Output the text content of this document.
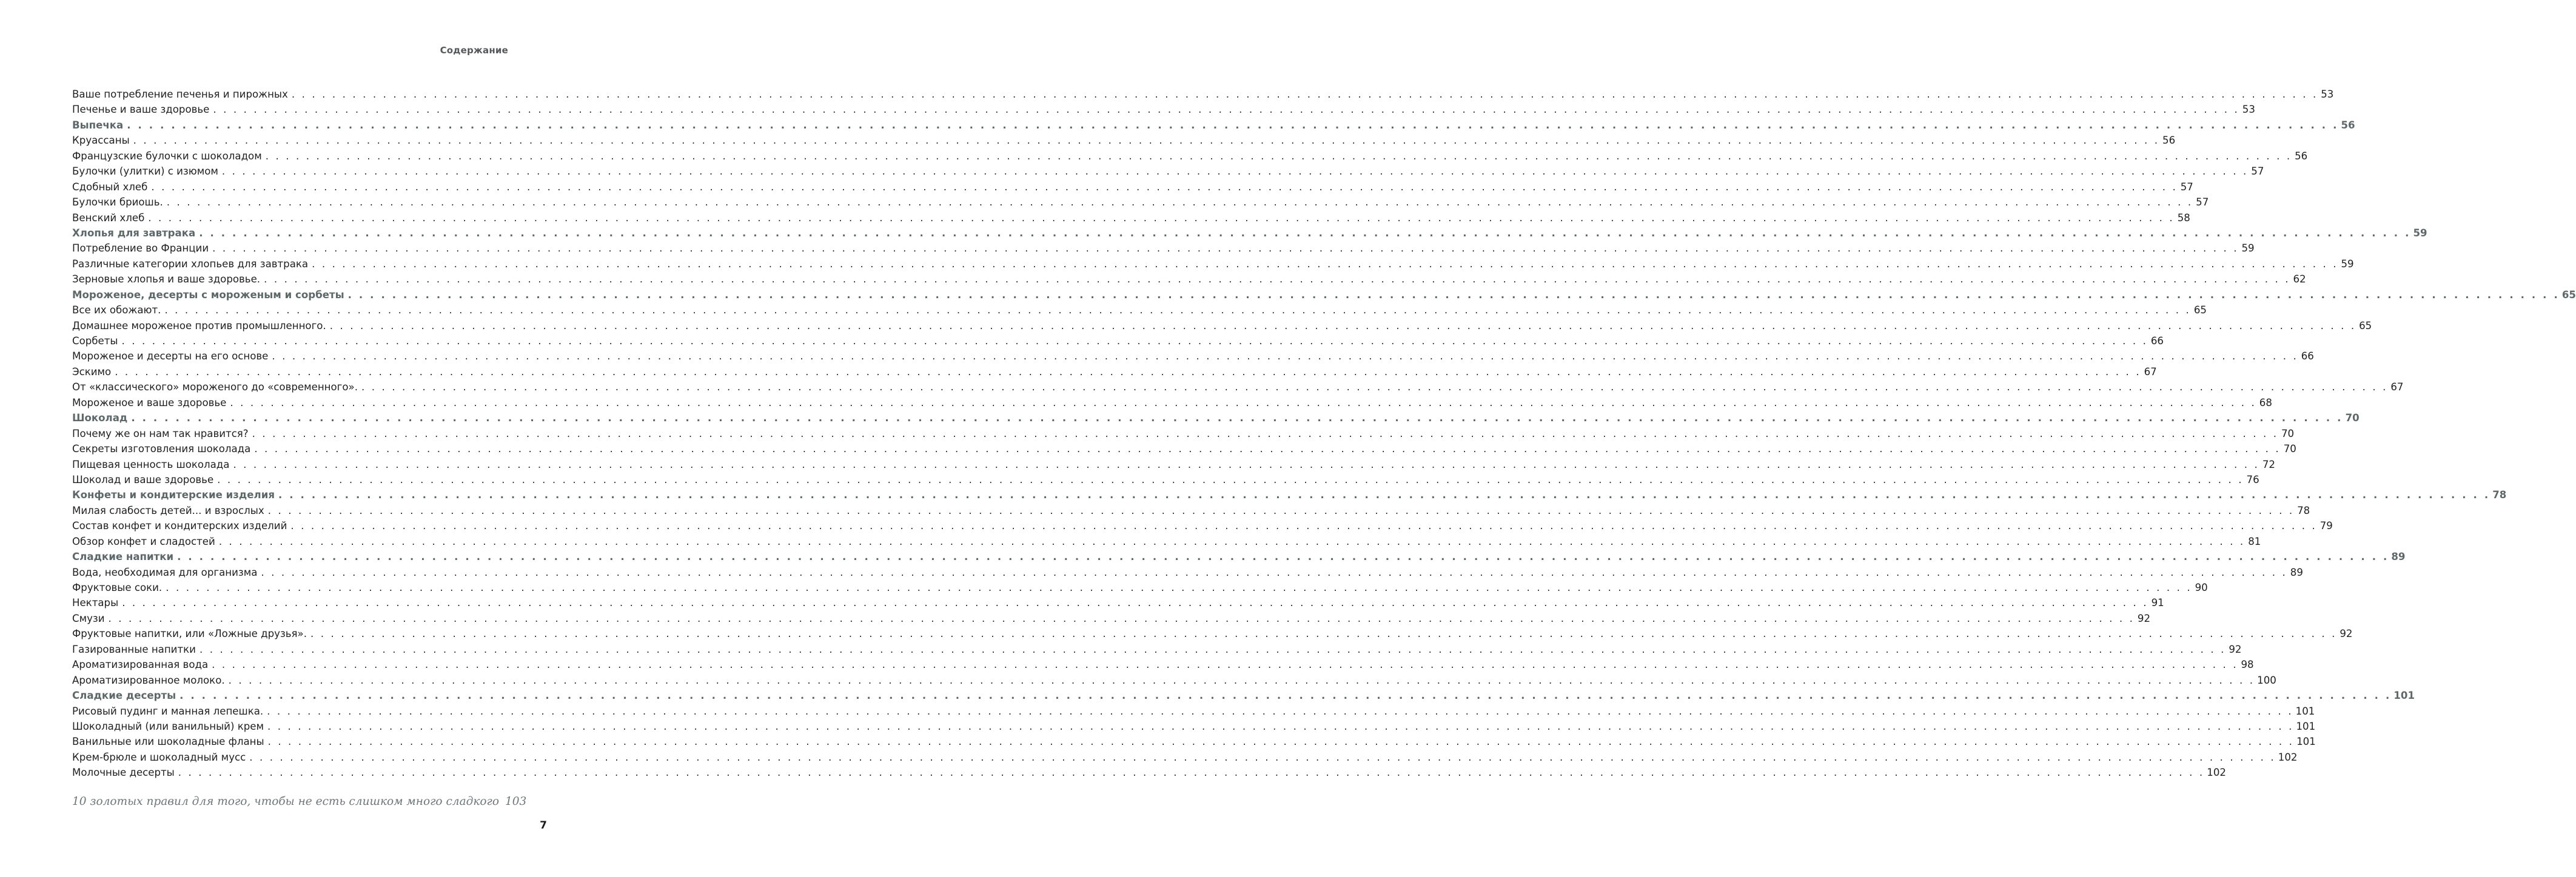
Содержание
Ваше потребление печенья и пирожных . . . . . . . . . . . . . . . . . . . . . . . . . . . . . . . . . . . . . . . . . . . . . . . . . . . . . . . . . . . . . . . . . . . . . . . . . . . . . . . . . . . . . . . . . . . . . . . . . . . . . . . . . . . . . . . . . . . . . . . . . . . . . . . . . . . . . . . . . . . . . . . . . . . . . . . . . . . . . . . . . . . . . . . . . . . . . . . . . . . . . . . . . . . . . . . . . . . . . . . . 53
Печенье и ваше здоровье . . . . . . . . . . . . . . . . . . . . . . . . . . . . . . . . . . . . . . . . . . . . . . . . . . . . . . . . . . . . . . . . . . . . . . . . . . . . . . . . . . . . . . . . . . . . . . . . . . . . . . . . . . . . . . . . . . . . . . . . . . . . . . . . . . . . . . . . . . . . . . . . . . . . . . . . . . . . . . . . . . . . . . . . . . . . . . . . . . . . . . . . . . . . . . . . . . . . . . . . 53
Выпечка . . . . . . . . . . . . . . . . . . . . . . . . . . . . . . . . . . . . . . . . . . . . . . . . . . . . . . . . . . . . . . . . . . . . . . . . . . . . . . . . . . . . . . . . . . . . . . . . . . . . . . . . . . . . . . . . . . . . . . . . . . . . . . . . . . . . . . . . . . . . . . . . . . . . . . . . . . . . . . . . . . . . . . . . . . . . . . . . . . . . . . . . . . . . . . . . . . . . . . . . 56
Круассаны . . . . . . . . . . . . . . . . . . . . . . . . . . . . . . . . . . . . . . . . . . . . . . . . . . . . . . . . . . . . . . . . . . . . . . . . . . . . . . . . . . . . . . . . . . . . . . . . . . . . . . . . . . . . . . . . . . . . . . . . . . . . . . . . . . . . . . . . . . . . . . . . . . . . . . . . . . . . . . . . . . . . . . . . . . . . . . . . . . . . . . . . . . . . . . . . . . . . . . . . 56
Французские булочки с шоколадом . . . . . . . . . . . . . . . . . . . . . . . . . . . . . . . . . . . . . . . . . . . . . . . . . . . . . . . . . . . . . . . . . . . . . . . . . . . . . . . . . . . . . . . . . . . . . . . . . . . . . . . . . . . . . . . . . . . . . . . . . . . . . . . . . . . . . . . . . . . . . . . . . . . . . . . . . . . . . . . . . . . . . . . . . . . . . . . . . . . . . . . . . . . . . . . . . . . . . . . . 56
Булочки (улитки) с изюмом . . . . . . . . . . . . . . . . . . . . . . . . . . . . . . . . . . . . . . . . . . . . . . . . . . . . . . . . . . . . . . . . . . . . . . . . . . . . . . . . . . . . . . . . . . . . . . . . . . . . . . . . . . . . . . . . . . . . . . . . . . . . . . . . . . . . . . . . . . . . . . . . . . . . . . . . . . . . . . . . . . . . . . . . . . . . . . . . . . . . . . . . . . . . . . . . . . . . . . . . 57
Сдобный хлеб . . . . . . . . . . . . . . . . . . . . . . . . . . . . . . . . . . . . . . . . . . . . . . . . . . . . . . . . . . . . . . . . . . . . . . . . . . . . . . . . . . . . . . . . . . . . . . . . . . . . . . . . . . . . . . . . . . . . . . . . . . . . . . . . . . . . . . . . . . . . . . . . . . . . . . . . . . . . . . . . . . . . . . . . . . . . . . . . . . . . . . . . . . . . . . . . . . . . . . . . 57
Булочки бриошь. . . . . . . . . . . . . . . . . . . . . . . . . . . . . . . . . . . . . . . . . . . . . . . . . . . . . . . . . . . . . . . . . . . . . . . . . . . . . . . . . . . . . . . . . . . . . . . . . . . . . . . . . . . . . . . . . . . . . . . . . . . . . . . . . . . . . . . . . . . . . . . . . . . . . . . . . . . . . . . . . . . . . . . . . . . . . . . . . . . . . . . . . . . . . . . . . . . . . . . . . 57
Венский хлеб . . . . . . . . . . . . . . . . . . . . . . . . . . . . . . . . . . . . . . . . . . . . . . . . . . . . . . . . . . . . . . . . . . . . . . . . . . . . . . . . . . . . . . . . . . . . . . . . . . . . . . . . . . . . . . . . . . . . . . . . . . . . . . . . . . . . . . . . . . . . . . . . . . . . . . . . . . . . . . . . . . . . . . . . . . . . . . . . . . . . . . . . . . . . . . . . . . . . . . . . 58
Хлопья для завтрака . . . . . . . . . . . . . . . . . . . . . . . . . . . . . . . . . . . . . . . . . . . . . . . . . . . . . . . . . . . . . . . . . . . . . . . . . . . . . . . . . . . . . . . . . . . . . . . . . . . . . . . . . . . . . . . . . . . . . . . . . . . . . . . . . . . . . . . . . . . . . . . . . . . . . . . . . . . . . . . . . . . . . . . . . . . . . . . . . . . . . . . . . . . . . . . . . . . . . . . . 59
Потребление во Франции . . . . . . . . . . . . . . . . . . . . . . . . . . . . . . . . . . . . . . . . . . . . . . . . . . . . . . . . . . . . . . . . . . . . . . . . . . . . . . . . . . . . . . . . . . . . . . . . . . . . . . . . . . . . . . . . . . . . . . . . . . . . . . . . . . . . . . . . . . . . . . . . . . . . . . . . . . . . . . . . . . . . . . . . . . . . . . . . . . . . . . . . . . . . . . . . . . . . . . . . 59
Различные категории хлопьев для завтрака . . . . . . . . . . . . . . . . . . . . . . . . . . . . . . . . . . . . . . . . . . . . . . . . . . . . . . . . . . . . . . . . . . . . . . . . . . . . . . . . . . . . . . . . . . . . . . . . . . . . . . . . . . . . . . . . . . . . . . . . . . . . . . . . . . . . . . . . . . . . . . . . . . . . . . . . . . . . . . . . . . . . . . . . . . . . . . . . . . . . . . . . . . . . . . . . . . . . . . . . 59
Зерновые хлопья и ваше здоровье. . . . . . . . . . . . . . . . . . . . . . . . . . . . . . . . . . . . . . . . . . . . . . . . . . . . . . . . . . . . . . . . . . . . . . . . . . . . . . . . . . . . . . . . . . . . . . . . . . . . . . . . . . . . . . . . . . . . . . . . . . . . . . . . . . . . . . . . . . . . . . . . . . . . . . . . . . . . . . . . . . . . . . . . . . . . . . . . . . . . . . . . . . . . . . . . . . . . . . . . . 62
Мороженое, десерты с мороженым и сорбеты . . . . . . . . . . . . . . . . . . . . . . . . . . . . . . . . . . . . . . . . . . . . . . . . . . . . . . . . . . . . . . . . . . . . . . . . . . . . . . . . . . . . . . . . . . . . . . . . . . . . . . . . . . . . . . . . . . . . . . . . . . . . . . . . . . . . . . . . . . . . . . . . . . . . . . . . . . . . . . . . . . . . . . . . . . . . . . . . . . . . . . . . . . . . . . . . . . . . . . . . 65
Все их обожают. . . . . . . . . . . . . . . . . . . . . . . . . . . . . . . . . . . . . . . . . . . . . . . . . . . . . . . . . . . . . . . . . . . . . . . . . . . . . . . . . . . . . . . . . . . . . . . . . . . . . . . . . . . . . . . . . . . . . . . . . . . . . . . . . . . . . . . . . . . . . . . . . . . . . . . . . . . . . . . . . . . . . . . . . . . . . . . . . . . . . . . . . . . . . . . . . . . . . . . . . 65
Домашнее мороженое против промышленного. . . . . . . . . . . . . . . . . . . . . . . . . . . . . . . . . . . . . . . . . . . . . . . . . . . . . . . . . . . . . . . . . . . . . . . . . . . . . . . . . . . . . . . . . . . . . . . . . . . . . . . . . . . . . . . . . . . . . . . . . . . . . . . . . . . . . . . . . . . . . . . . . . . . . . . . . . . . . . . . . . . . . . . . . . . . . . . . . . . . . . . . . . . . . . . . . . . . . . . . . 65
Сорбеты . . . . . . . . . . . . . . . . . . . . . . . . . . . . . . . . . . . . . . . . . . . . . . . . . . . . . . . . . . . . . . . . . . . . . . . . . . . . . . . . . . . . . . . . . . . . . . . . . . . . . . . . . . . . . . . . . . . . . . . . . . . . . . . . . . . . . . . . . . . . . . . . . . . . . . . . . . . . . . . . . . . . . . . . . . . . . . . . . . . . . . . . . . . . . . . . . . . . . . . . 66
Мороженое и десерты на его основе . . . . . . . . . . . . . . . . . . . . . . . . . . . . . . . . . . . . . . . . . . . . . . . . . . . . . . . . . . . . . . . . . . . . . . . . . . . . . . . . . . . . . . . . . . . . . . . . . . . . . . . . . . . . . . . . . . . . . . . . . . . . . . . . . . . . . . . . . . . . . . . . . . . . . . . . . . . . . . . . . . . . . . . . . . . . . . . . . . . . . . . . . . . . . . . . . . . . . . . . 66
Эскимо . . . . . . . . . . . . . . . . . . . . . . . . . . . . . . . . . . . . . . . . . . . . . . . . . . . . . . . . . . . . . . . . . . . . . . . . . . . . . . . . . . . . . . . . . . . . . . . . . . . . . . . . . . . . . . . . . . . . . . . . . . . . . . . . . . . . . . . . . . . . . . . . . . . . . . . . . . . . . . . . . . . . . . . . . . . . . . . . . . . . . . . . . . . . . . . . . . . . . . . . 67
От «классического» мороженого до «современного». . . . . . . . . . . . . . . . . . . . . . . . . . . . . . . . . . . . . . . . . . . . . . . . . . . . . . . . . . . . . . . . . . . . . . . . . . . . . . . . . . . . . . . . . . . . . . . . . . . . . . . . . . . . . . . . . . . . . . . . . . . . . . . . . . . . . . . . . . . . . . . . . . . . . . . . . . . . . . . . . . . . . . . . . . . . . . . . . . . . . . . . . . . . . . . . . . . . . . . . . 67
Мороженое и ваше здоровье . . . . . . . . . . . . . . . . . . . . . . . . . . . . . . . . . . . . . . . . . . . . . . . . . . . . . . . . . . . . . . . . . . . . . . . . . . . . . . . . . . . . . . . . . . . . . . . . . . . . . . . . . . . . . . . . . . . . . . . . . . . . . . . . . . . . . . . . . . . . . . . . . . . . . . . . . . . . . . . . . . . . . . . . . . . . . . . . . . . . . . . . . . . . . . . . . . . . . . . . 68
Шоколад . . . . . . . . . . . . . . . . . . . . . . . . . . . . . . . . . . . . . . . . . . . . . . . . . . . . . . . . . . . . . . . . . . . . . . . . . . . . . . . . . . . . . . . . . . . . . . . . . . . . . . . . . . . . . . . . . . . . . . . . . . . . . . . . . . . . . . . . . . . . . . . . . . . . . . . . . . . . . . . . . . . . . . . . . . . . . . . . . . . . . . . . . . . . . . . . . . . . . . . . 70
Почему же он нам так нравится? . . . . . . . . . . . . . . . . . . . . . . . . . . . . . . . . . . . . . . . . . . . . . . . . . . . . . . . . . . . . . . . . . . . . . . . . . . . . . . . . . . . . . . . . . . . . . . . . . . . . . . . . . . . . . . . . . . . . . . . . . . . . . . . . . . . . . . . . . . . . . . . . . . . . . . . . . . . . . . . . . . . . . . . . . . . . . . . . . . . . . . . . . . . . . . . . . . . . . . . . 70
Секреты изготовления шоколада . . . . . . . . . . . . . . . . . . . . . . . . . . . . . . . . . . . . . . . . . . . . . . . . . . . . . . . . . . . . . . . . . . . . . . . . . . . . . . . . . . . . . . . . . . . . . . . . . . . . . . . . . . . . . . . . . . . . . . . . . . . . . . . . . . . . . . . . . . . . . . . . . . . . . . . . . . . . . . . . . . . . . . . . . . . . . . . . . . . . . . . . . . . . . . . . . . . . . . . . 70
Пищевая ценность шоколада . . . . . . . . . . . . . . . . . . . . . . . . . . . . . . . . . . . . . . . . . . . . . . . . . . . . . . . . . . . . . . . . . . . . . . . . . . . . . . . . . . . . . . . . . . . . . . . . . . . . . . . . . . . . . . . . . . . . . . . . . . . . . . . . . . . . . . . . . . . . . . . . . . . . . . . . . . . . . . . . . . . . . . . . . . . . . . . . . . . . . . . . . . . . . . . . . . . . . . . . 72
Шоколад и ваше здоровье . . . . . . . . . . . . . . . . . . . . . . . . . . . . . . . . . . . . . . . . . . . . . . . . . . . . . . . . . . . . . . . . . . . . . . . . . . . . . . . . . . . . . . . . . . . . . . . . . . . . . . . . . . . . . . . . . . . . . . . . . . . . . . . . . . . . . . . . . . . . . . . . . . . . . . . . . . . . . . . . . . . . . . . . . . . . . . . . . . . . . . . . . . . . . . . . . . . . . . . . 76
Конфеты и кондитерские изделия . . . . . . . . . . . . . . . . . . . . . . . . . . . . . . . . . . . . . . . . . . . . . . . . . . . . . . . . . . . . . . . . . . . . . . . . . . . . . . . . . . . . . . . . . . . . . . . . . . . . . . . . . . . . . . . . . . . . . . . . . . . . . . . . . . . . . . . . . . . . . . . . . . . . . . . . . . . . . . . . . . . . . . . . . . . . . . . . . . . . . . . . . . . . . . . . . . . . . . . . 78
Милая слабость детей... и взрослых . . . . . . . . . . . . . . . . . . . . . . . . . . . . . . . . . . . . . . . . . . . . . . . . . . . . . . . . . . . . . . . . . . . . . . . . . . . . . . . . . . . . . . . . . . . . . . . . . . . . . . . . . . . . . . . . . . . . . . . . . . . . . . . . . . . . . . . . . . . . . . . . . . . . . . . . . . . . . . . . . . . . . . . . . . . . . . . . . . . . . . . . . . . . . . . . . . . . . . . . 78
Состав конфет и кондитерских изделий . . . . . . . . . . . . . . . . . . . . . . . . . . . . . . . . . . . . . . . . . . . . . . . . . . . . . . . . . . . . . . . . . . . . . . . . . . . . . . . . . . . . . . . . . . . . . . . . . . . . . . . . . . . . . . . . . . . . . . . . . . . . . . . . . . . . . . . . . . . . . . . . . . . . . . . . . . . . . . . . . . . . . . . . . . . . . . . . . . . . . . . . . . . . . . . . . . . . . . . . 79
Обзор конфет и сладостей . . . . . . . . . . . . . . . . . . . . . . . . . . . . . . . . . . . . . . . . . . . . . . . . . . . . . . . . . . . . . . . . . . . . . . . . . . . . . . . . . . . . . . . . . . . . . . . . . . . . . . . . . . . . . . . . . . . . . . . . . . . . . . . . . . . . . . . . . . . . . . . . . . . . . . . . . . . . . . . . . . . . . . . . . . . . . . . . . . . . . . . . . . . . . . . . . . . . . . . . 81
Сладкие напитки . . . . . . . . . . . . . . . . . . . . . . . . . . . . . . . . . . . . . . . . . . . . . . . . . . . . . . . . . . . . . . . . . . . . . . . . . . . . . . . . . . . . . . . . . . . . . . . . . . . . . . . . . . . . . . . . . . . . . . . . . . . . . . . . . . . . . . . . . . . . . . . . . . . . . . . . . . . . . . . . . . . . . . . . . . . . . . . . . . . . . . . . . . . . . . . . . . . . . . . . 89
Вода, необходимая для организма . . . . . . . . . . . . . . . . . . . . . . . . . . . . . . . . . . . . . . . . . . . . . . . . . . . . . . . . . . . . . . . . . . . . . . . . . . . . . . . . . . . . . . . . . . . . . . . . . . . . . . . . . . . . . . . . . . . . . . . . . . . . . . . . . . . . . . . . . . . . . . . . . . . . . . . . . . . . . . . . . . . . . . . . . . . . . . . . . . . . . . . . . . . . . . . . . . . . . . . . 89
Фруктовые соки. . . . . . . . . . . . . . . . . . . . . . . . . . . . . . . . . . . . . . . . . . . . . . . . . . . . . . . . . . . . . . . . . . . . . . . . . . . . . . . . . . . . . . . . . . . . . . . . . . . . . . . . . . . . . . . . . . . . . . . . . . . . . . . . . . . . . . . . . . . . . . . . . . . . . . . . . . . . . . . . . . . . . . . . . . . . . . . . . . . . . . . . . . . . . . . . . . . . . . . . . 90
Нектары . . . . . . . . . . . . . . . . . . . . . . . . . . . . . . . . . . . . . . . . . . . . . . . . . . . . . . . . . . . . . . . . . . . . . . . . . . . . . . . . . . . . . . . . . . . . . . . . . . . . . . . . . . . . . . . . . . . . . . . . . . . . . . . . . . . . . . . . . . . . . . . . . . . . . . . . . . . . . . . . . . . . . . . . . . . . . . . . . . . . . . . . . . . . . . . . . . . . . . . . 91
Смузи . . . . . . . . . . . . . . . . . . . . . . . . . . . . . . . . . . . . . . . . . . . . . . . . . . . . . . . . . . . . . . . . . . . . . . . . . . . . . . . . . . . . . . . . . . . . . . . . . . . . . . . . . . . . . . . . . . . . . . . . . . . . . . . . . . . . . . . . . . . . . . . . . . . . . . . . . . . . . . . . . . . . . . . . . . . . . . . . . . . . . . . . . . . . . . . . . . . . . . . . 92
Фруктовые напитки, или «Ложные друзья». . . . . . . . . . . . . . . . . . . . . . . . . . . . . . . . . . . . . . . . . . . . . . . . . . . . . . . . . . . . . . . . . . . . . . . . . . . . . . . . . . . . . . . . . . . . . . . . . . . . . . . . . . . . . . . . . . . . . . . . . . . . . . . . . . . . . . . . . . . . . . . . . . . . . . . . . . . . . . . . . . . . . . . . . . . . . . . . . . . . . . . . . . . . . . . . . . . . . . . . . 92
Газированные напитки . . . . . . . . . . . . . . . . . . . . . . . . . . . . . . . . . . . . . . . . . . . . . . . . . . . . . . . . . . . . . . . . . . . . . . . . . . . . . . . . . . . . . . . . . . . . . . . . . . . . . . . . . . . . . . . . . . . . . . . . . . . . . . . . . . . . . . . . . . . . . . . . . . . . . . . . . . . . . . . . . . . . . . . . . . . . . . . . . . . . . . . . . . . . . . . . . . . . . . . . 92
Ароматизированная вода . . . . . . . . . . . . . . . . . . . . . . . . . . . . . . . . . . . . . . . . . . . . . . . . . . . . . . . . . . . . . . . . . . . . . . . . . . . . . . . . . . . . . . . . . . . . . . . . . . . . . . . . . . . . . . . . . . . . . . . . . . . . . . . . . . . . . . . . . . . . . . . . . . . . . . . . . . . . . . . . . . . . . . . . . . . . . . . . . . . . . . . . . . . . . . . . . . . . . . . . 98
Ароматизированное молоко. . . . . . . . . . . . . . . . . . . . . . . . . . . . . . . . . . . . . . . . . . . . . . . . . . . . . . . . . . . . . . . . . . . . . . . . . . . . . . . . . . . . . . . . . . . . . . . . . . . . . . . . . . . . . . . . . . . . . . . . . . . . . . . . . . . . . . . . . . . . . . . . . . . . . . . . . . . . . . . . . . . . . . . . . . . . . . . . . . . . . . . . . . . . . . . . . . . . . . . . . 100
Сладкие десерты . . . . . . . . . . . . . . . . . . . . . . . . . . . . . . . . . . . . . . . . . . . . . . . . . . . . . . . . . . . . . . . . . . . . . . . . . . . . . . . . . . . . . . . . . . . . . . . . . . . . . . . . . . . . . . . . . . . . . . . . . . . . . . . . . . . . . . . . . . . . . . . . . . . . . . . . . . . . . . . . . . . . . . . . . . . . . . . . . . . . . . . . . . . . . . . . . . . . . . . . 101
Рисовый пудинг и манная лепешка. . . . . . . . . . . . . . . . . . . . . . . . . . . . . . . . . . . . . . . . . . . . . . . . . . . . . . . . . . . . . . . . . . . . . . . . . . . . . . . . . . . . . . . . . . . . . . . . . . . . . . . . . . . . . . . . . . . . . . . . . . . . . . . . . . . . . . . . . . . . . . . . . . . . . . . . . . . . . . . . . . . . . . . . . . . . . . . . . . . . . . . . . . . . . . . . . . . . . . . . . 101
Шоколадный (или ванильный) крем . . . . . . . . . . . . . . . . . . . . . . . . . . . . . . . . . . . . . . . . . . . . . . . . . . . . . . . . . . . . . . . . . . . . . . . . . . . . . . . . . . . . . . . . . . . . . . . . . . . . . . . . . . . . . . . . . . . . . . . . . . . . . . . . . . . . . . . . . . . . . . . . . . . . . . . . . . . . . . . . . . . . . . . . . . . . . . . . . . . . . . . . . . . . . . . . . . . . . . . . 101
Ванильные или шоколадные фланы . . . . . . . . . . . . . . . . . . . . . . . . . . . . . . . . . . . . . . . . . . . . . . . . . . . . . . . . . . . . . . . . . . . . . . . . . . . . . . . . . . . . . . . . . . . . . . . . . . . . . . . . . . . . . . . . . . . . . . . . . . . . . . . . . . . . . . . . . . . . . . . . . . . . . . . . . . . . . . . . . . . . . . . . . . . . . . . . . . . . . . . . . . . . . . . . . . . . . . . . 101
Крем-брюле и шоколадный мусс . . . . . . . . . . . . . . . . . . . . . . . . . . . . . . . . . . . . . . . . . . . . . . . . . . . . . . . . . . . . . . . . . . . . . . . . . . . . . . . . . . . . . . . . . . . . . . . . . . . . . . . . . . . . . . . . . . . . . . . . . . . . . . . . . . . . . . . . . . . . . . . . . . . . . . . . . . . . . . . . . . . . . . . . . . . . . . . . . . . . . . . . . . . . . . . . . . . . . . . . 102
Молочные десерты . . . . . . . . . . . . . . . . . . . . . . . . . . . . . . . . . . . . . . . . . . . . . . . . . . . . . . . . . . . . . . . . . . . . . . . . . . . . . . . . . . . . . . . . . . . . . . . . . . . . . . . . . . . . . . . . . . . . . . . . . . . . . . . . . . . . . . . . . . . . . . . . . . . . . . . . . . . . . . . . . . . . . . . . . . . . . . . . . . . . . . . . . . . . . . . . . . . . . . . . 102
10 золотых правил для того, чтобы не есть слишком много сладкого 103
7
